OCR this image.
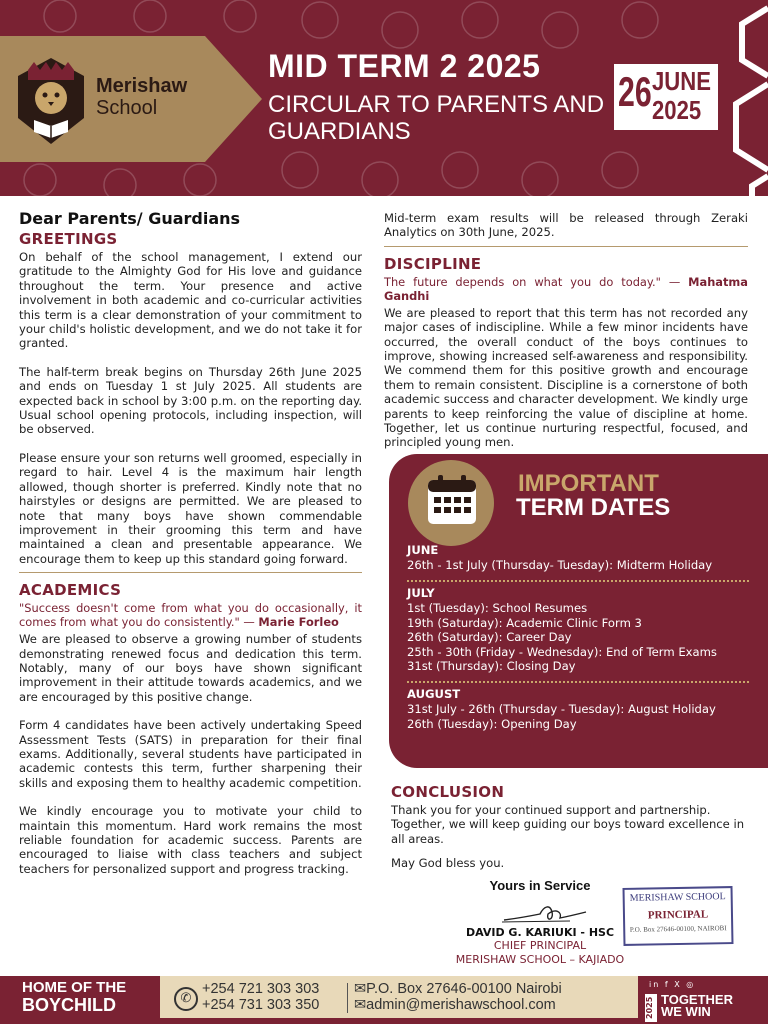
Merishaw
School
MID TERM 2 2025
CIRCULAR TO PARENTS AND GUARDIANS
26 JUNE
2025
Dear Parents/ Guardians
GREETINGS
On behalf of the school management, I extend our gratitude to the Almighty God for His love and guidance throughout the term. Your presence and active involvement in both academic and co-curricular activities this term is a clear demonstration of your commitment to your child's holistic development, and we do not take it for granted.
The half-term break begins on Thursday 26th June 2025 and ends on Tuesday 1 st July 2025. All students are expected back in school by 3:00 p.m. on the reporting day. Usual school opening protocols, including inspection, will be observed.
Please ensure your son returns well groomed, especially in regard to hair. Level 4 is the maximum hair length allowed, though shorter is preferred. Kindly note that no hairstyles or designs are permitted. We are pleased to note that many boys have shown commendable improvement in their grooming this term and have maintained a clean and presentable appearance. We encourage them to keep up this standard going forward.
ACADEMICS
"Success doesn't come from what you do occasionally, it comes from what you do consistently." — Marie Forleo
We are pleased to observe a growing number of students demonstrating renewed focus and dedication this term. Notably, many of our boys have shown significant improvement in their attitude towards academics, and we are encouraged by this positive change.
Form 4 candidates have been actively undertaking Speed Assessment Tests (SATS) in preparation for their final exams. Additionally, several students have participated in academic contests this term, further sharpening their skills and exposing them to healthy academic competition.
We kindly encourage you to motivate your child to maintain this momentum. Hard work remains the most reliable foundation for academic success. Parents are encouraged to liaise with class teachers and subject teachers for personalized support and progress tracking.
Mid-term exam results will be released through Zeraki Analytics on 30th June, 2025.
DISCIPLINE
The future depends on what you do today." — Mahatma Gandhi
We are pleased to report that this term has not recorded any major cases of indiscipline. While a few minor incidents have occurred, the overall conduct of the boys continues to improve, showing increased self-awareness and responsibility. We commend them for this positive growth and encourage them to remain consistent. Discipline is a cornerstone of both academic success and character development. We kindly urge parents to keep reinforcing the value of discipline at home. Together, let us continue nurturing respectful, focused, and principled young men.
IMPORTANT
TERM DATES
JUNE
26th - 1st July (Thursday- Tuesday): Midterm Holiday
JULY
1st (Tuesday): School Resumes
19th (Saturday): Academic Clinic Form 3
26th (Saturday): Career Day
25th - 30th (Friday - Wednesday): End of Term Exams
31st (Thursday): Closing Day
AUGUST
31st July - 26th (Thursday - Tuesday): August Holiday
26th (Tuesday): Opening Day
CONCLUSION
Thank you for your continued support and partnership. Together, we will keep guiding our boys toward excellence in all areas.
May God bless you.
Yours in Service
DAVID G. KARIUKI - HSC
CHIEF PRINCIPAL
MERISHAW SCHOOL – KAJIADO
MERISHAW SCHOOL
PRINCIPAL
P.O. Box 27646-00100, NAIROBI
HOME OF THE
BOYCHILD	✆
+254 721 303 303
+254 731 303 350
✉P.O. Box 27646-00100 Nairobi
✉admin@merishawschool.com
in f X ◎
2025 TOGETHER
WE WIN
